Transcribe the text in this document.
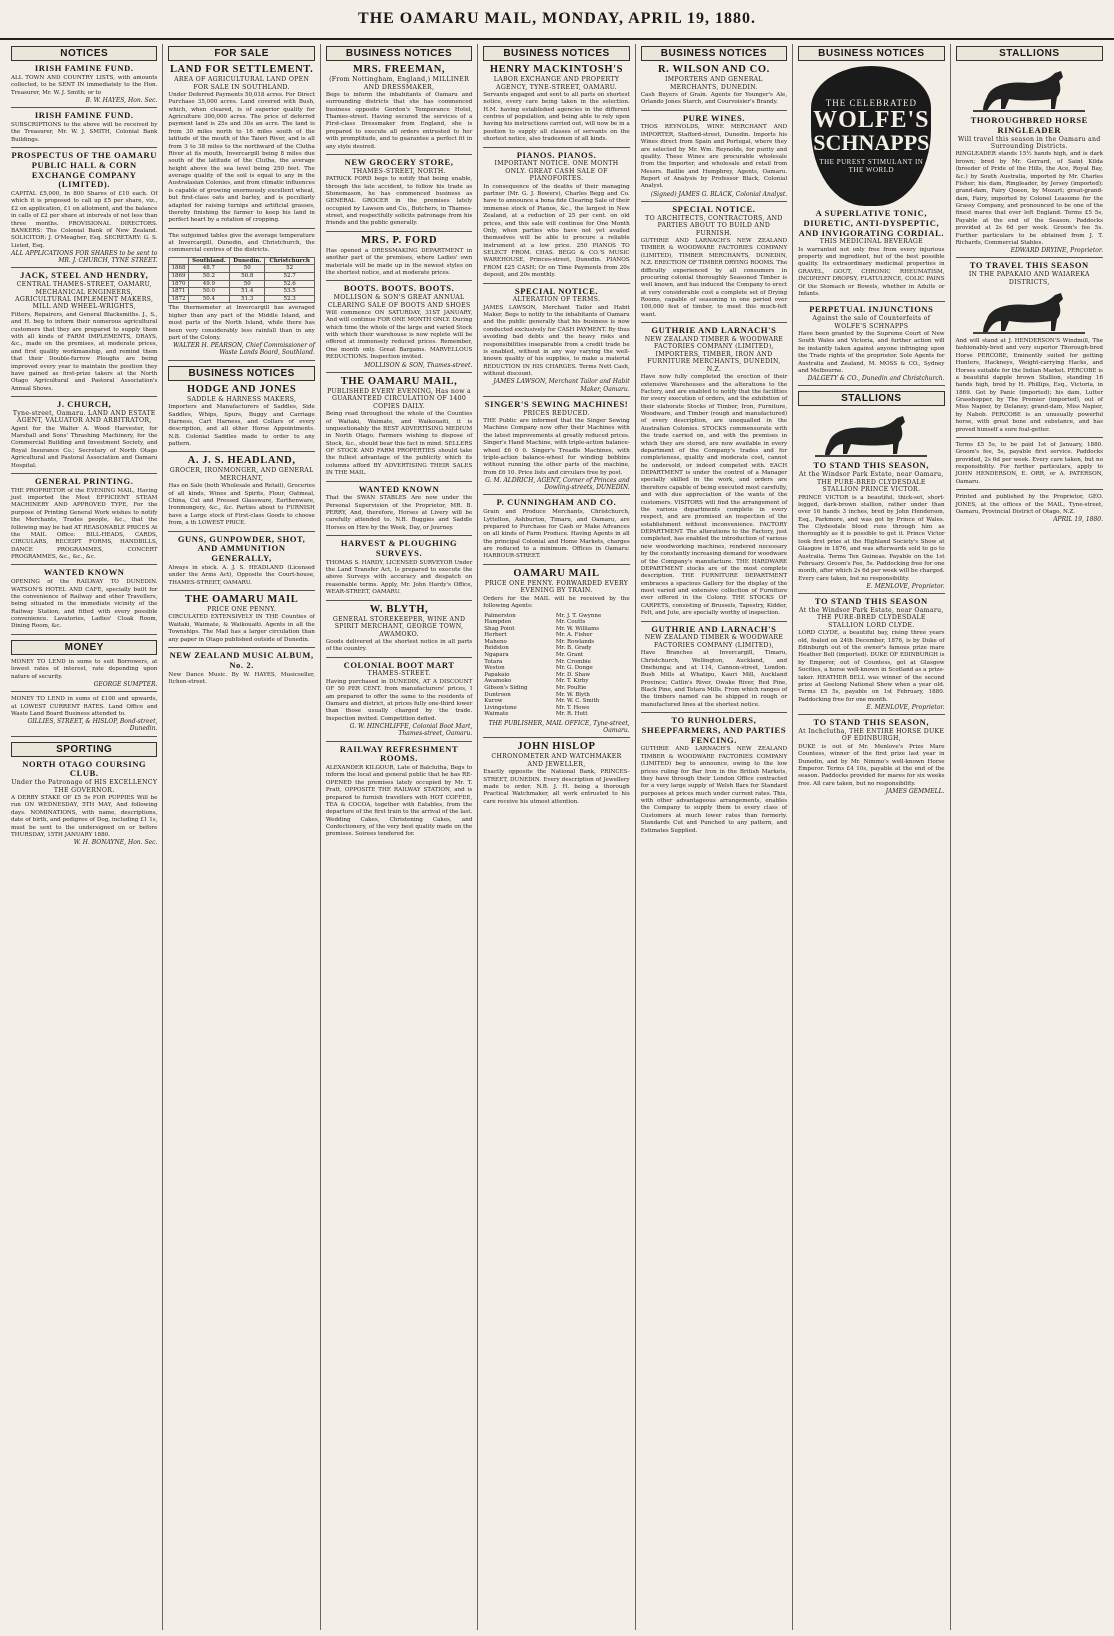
THE OAMARU MAIL, MONDAY, APRIL 19, 1880.
NOTICES
IRISH FAMINE FUND.
ALL TOWN AND COUNTRY LISTS, with amounts collected, to be SENT IN immediately to the Hon. Treasurer, Mr. W. J. Smith; or to
B. W. HAYES, Hon. Sec.
IRISH FAMINE FUND.
SUBSCRIPTIONS to the above will be received by the Treasurer, Mr. W. J. SMITH, Colonial Bank Buildings.
PROSPECTUS OF THE OAMARU PUBLIC HALL & CORN EXCHANGE COMPANY (LIMITED).
CAPITAL £5,000, In 800 Shares of £10 each. Of which it is proposed to call up £5 per share, viz., £2 on application, £1 on allotment, and the balance in calls of £2 per share at intervals of not less than three months. PROVISIONAL DIRECTORS. BANKERS: The Colonial Bank of New Zealand. SOLICITOR: J. O'Meagher, Esq. SECRETARY: G. S. Listed, Esq.
ALL APPLICATIONS FOR SHARES to be sent to MR. J. CHURCH, TYNE STREET.
JACK, STEEL AND HENDRY,
CENTRAL THAMES-STREET, OAMARU, MECHANICAL ENGINEERS, AGRICULTURAL IMPLEMENT MAKERS, MILL AND WHEEL-WRIGHTS,
Fitters, Repairers, and General Blacksmiths. J., S., and H. beg to inform their numerous agricultural customers that they are prepared to supply them with all kinds of FARM IMPLEMENTS, DRAYS, &c., made on the premises, at moderate prices, and first quality workmanship, and remind them that their Double-furrow Ploughs are being improved every year to maintain the position they have gained as first-prize takers at the North Otago Agricultural and Pastoral Association's Annual Shows.
J. CHURCH,
Tyne-street, Oamaru. LAND AND ESTATE AGENT, VALUATOR AND ARBITRATOR,
Agent for the Walter A. Wood Harvester, for Marshall and Sons' Thrashing Machinery, for the Commercial Building and Investment Society, and Royal Insurance Co.; Secretary of North Otago Agricultural and Pastoral Association and Oamaru Hospital.
GENERAL PRINTING.
THE PROPRIETOR of the EVENING MAIL, Having just imported the Most EFFICIENT STEAM MACHINERY AND APPROVED TYPE, For the purpose of Printing General Work wishes to notify the Merchants, Trades people, &c., that the following may be had AT REASONABLE PRICES At the MAIL Office: BILL-HEADS, CARDS, CIRCULARS, RECEIPT FORMS, HANDBILLS, DANCE PROGRAMMES, CONCERT PROGRAMMES, &c., &c., &c.
WANTED KNOWN
OPENING of the RAILWAY TO DUNEDIN. WATSON'S HOTEL AND CAFE, specially built for the convenience of Railway and other Travellers, being situated in the immediate vicinity of the Railway Station, and fitted with every possible convenience. Lavatories, Ladies' Cloak Room, Dining Room, &c.
MONEY
MONEY TO LEND in sums to suit Borrowers, at lowest rates of interest, rate depending upon nature of security.
GEORGE SUMPTER.
MONEY TO LEND in sums of £100 and upwards, at LOWEST CURRENT RATES. Land Office and Waste Land Board Business attended to.
GILLIES, STREET, & HISLOP, Bond-street, Dunedin.
SPORTING
NORTH OTAGO COURSING CLUB.
Under the Patronage of HIS EXCELLENCY THE GOVERNOR.
A DERBY STAKE OF £5 5s FOR PUPPIES Will be run ON WEDNESDAY, 5TH MAY, And following days. NOMINATIONS, with name, descriptions, date of birth, and pedigree of Dog, including £1 1s, must be sent to the undersigned on or before THURSDAY, 15TH JANUARY 1880.
W. H. BONAYNE, Hon. Sec.
FOR SALE
LAND FOR SETTLEMENT.
AREA OF AGRICULTURAL LAND OPEN FOR SALE IN SOUTHLAND.
Under Deferred Payments 50,018 acres. For Direct Purchase 35,000 acres. Land covered with Bush, which, when cleared, is of superior quality for Agriculture 300,000 acres. The price of deferred payment land is 25s and 30s an acre. The land is from 30 miles north to 16 miles south of the latitude of the mouth of the Taieri River, and is all from 3 to 38 miles to the northward of the Clutha River at its mouth, Invercargill being 8 miles due south of the latitude of the Clutha, the average height above the sea level being 250 feet. The average quality of the soil is equal to any in the Australasian Colonies, and from climatic influences is capable of growing enormously excellent wheat, but first-class oats and barley, and is peculiarly adapted for raising turnips and artificial grasses, thereby finishing the farmer to keep his land in perfect heart by a rotation of cropping.
The subjoined tables give the average temperature at Invercargill, Dunedin, and Christchurch, the commercial centres of the districts.
	Southland.	Dunedin.	Christchurch
1868	48.7	50	52
1869	50.2	50.8	52.7
1870	49.9	50	52.6
1871	50.0	51.4	53.5
1872	50.4	51.3	52.3
The thermometer at Invercargill has averaged higher than any part of the Middle Island, and most parts of the North Island, while there has been very considerably less rainfall than in any part of the Colony.
WALTER H. PEARSON, Chief Commissioner of Waste Lands Board, Southland.
BUSINESS NOTICES
HODGE AND JONES
SADDLE & HARNESS MAKERS,
Importers and Manufacturers of Saddles, Side Saddles, Whips, Spurs, Buggy and Carriage Harness, Cart Harness, and Collars of every description, and all other Horse Appointments. N.B. Colonial Saddles made to order to any pattern.
A. J. S. HEADLAND,
GROCER, IRONMONGER, AND GENERAL MERCHANT,
Has on Sale (both Wholesale and Retail), Groceries of all kinds, Wines and Spirits, Flour, Oatmeal, China, Cut and Pressed Glassware, Earthenware, Ironmongery, &c., &c. Parties about to FURNISH have a Large stock of First-class Goods to choose from, a th LOWEST PRICE.
GUNS, GUNPOWDER, SHOT, AND AMMUNITION GENERALLY,
Always in stock. A. J. S. HEADLAND (Licensed under the Arms Act), Opposite the Court-house, THAMES-STREET, OAMARU.
THE OAMARU MAIL
PRICE ONE PENNY.
CIRCULATED EXTENSIVELY IN THE Counties of Waitaki, Waimate, & Waikouaiti. Agents in all the Townships. The Mail has a larger circulation than any paper in Otago published outside of Dunedin.
NEW ZEALAND MUSIC ALBUM, No. 2.
New Dance Music. By W. HAYES, Musicseller, Itchen-street.
BUSINESS NOTICES
MRS. FREEMAN,
(From Nottingham, England,) MILLINER AND DRESSMAKER,
Begs to inform the inhabitants of Oamaru and surrounding districts that she has commenced business opposite Gordon's Temperance Hotel, Thames-street. Having secured the services of a First-class Dressmaker from England, she is prepared to execute all orders entrusted to her with promptitude, and to guarantee a perfect fit in any style desired.
NEW GROCERY STORE,
THAMES-STREET, NORTH.
PATRICK FORD begs to notify that being unable, through the late accident, to follow his trade as Stonemason, he has commenced business as GENERAL GROCER in the premises lately occupied by Lawson and Co., Butchers, in Thames-street, and respectfully solicits patronage from his friends and the public generally.
MRS. P. FORD
Has opened a DRESSMAKING DEPARTMENT in another part of the premises, where Ladies' own materials will be made up in the newest styles on the shortest notice, and at moderate prices.
BOOTS. BOOTS. BOOTS.
MOLLISON & SON'S GREAT ANNUAL CLEARING SALE OF BOOTS AND SHOES
Will commence ON SATURDAY, 31ST JANUARY, And will continue FOR ONE MONTH ONLY. During which time the whole of the large and varied Stock with which their warehouse is now replete will be offered at immensely reduced prices. Remember, One month only. Great Bargains. MARVELLOUS REDUCTIONS. Inspection invited.
MOLLISON & SON, Thames-street.
THE OAMARU MAIL,
PUBLISHED EVERY EVENING, Has now a GUARANTEED CIRCULATION OF 1400 COPIES DAILY.
Being read throughout the whole of the Counties of Waitaki, Waimate, and Waikouaiti, it is unquestionably the BEST ADVERTISING MEDIUM in North Otago. Farmers wishing to dispose of Stock, &c., should bear this fact in mind. SELLERS OF STOCK AND FARM PROPERTIES should take the fullest advantage of the publicity which its columns afford BY ADVERTISING THEIR SALES IN THE MAIL.
WANTED KNOWN
That the SWAN STABLES Are now under the Personal Supervision of the Proprietor, MR. B. PERRY, And, therefore, Horses at Livery will be carefully attended to. N.B. Buggies and Saddle Horses on Hire by the Week, Day, or Journey.
HARVEST & PLOUGHING SURVEYS.
THOMAS S. HARDY, LICENSED SURVEYOR Under the Land Transfer Act, Is prepared to execute the above Surveys with accuracy and despatch on reasonable terms. Apply, Mr. John Hardy's Office, WEAR-STREET, OAMARU.
W. BLYTH,
GENERAL STOREKEEPER, WINE AND SPIRIT MERCHANT, GEORGE TOWN, AWAMOKO.
Goods delivered at the shortest notice in all parts of the country.
COLONIAL BOOT MART
THAMES-STREET.
Having purchased in DUNEDIN, AT A DISCOUNT OF 50 PER CENT. from manufacturers' prices, I am prepared to offer the same to the residents of Oamaru and district, at prices fully one-third lower than those usually charged by the trade. Inspection invited. Competition defied.
G. W. HINCHLIFFE, Colonial Boot Mart, Thames-street, Oamaru.
RAILWAY REFRESHMENT ROOMS.
ALEXANDER KILGOUR, Late of Balclutha, Begs to inform the local and general public that he has RE-OPENED the premises lately occupied by Mr. T. Pratt, OPPOSITE THE RAILWAY STATION, and is prepared to furnish travellers with HOT COFFEE, TEA & COCOA, together with Eatables, from the departure of the first train to the arrival of the last. Wedding Cakes, Christening Cakes, and Confectionery, of the very best quality made on the premises. Soirees tendered for.
BUSINESS NOTICES
HENRY MACKINTOSH'S
LABOR EXCHANGE AND PROPERTY AGENCY, TYNE-STREET, OAMARU.
Servants engaged and sent to all parts on shortest notice, every care being taken in the selection. H.M. having established agencies in the different centres of population, and being able to rely upon having his instructions carried out, will now be in a position to supply all classes of servants on the shortest notice, also tradesmen of all kinds.
PIANOS. PIANOS.
IMPORTANT NOTICE. ONE MONTH ONLY. GREAT CASH SALE OF PIANOFORTES.
In consequence of the deaths of their managing partner (Mr. G. J. Bowers), Charles Begg and Co. have to announce a bona fide Clearing Sale of their immense stock of Pianos, &c., the largest in New Zealand, at a reduction of 25 per cent. on old prices, and this sale will continue for One Month Only, when parties who have not yet availed themselves will be able to procure a reliable instrument at a low price. 250 PIANOS TO SELECT FROM. CHAS. BEGG & CO.'S MUSIC WAREHOUSE, Princes-street, Dunedin. PIANOS FROM £25 CASH; Or on Time Payments from 20s deposit, and 20s monthly.
SPECIAL NOTICE.
ALTERATION OF TERMS.
JAMES LAWSON, Merchant Tailor and Habit Maker, Begs to notify to the inhabitants of Oamaru and the public generally that his business is now conducted exclusively for CASH PAYMENT. By thus avoiding bad debts and the heavy risks and responsibilities inseparable from a credit trade he is enabled, without in any way varying the well-known quality of his supplies, to make a material REDUCTION IN HIS CHARGES. Terms Nett Cash, without discount.
JAMES LAWSON, Merchant Tailor and Habit Maker, Oamaru.
SINGER'S SEWING MACHINES!
PRICES REDUCED.
THE Public are informed that the Singer Sewing Machine Company now offer their Machines with the latest improvements at greatly reduced prices. Singer's Hand Machine, with triple-action balance-wheel £6 0 0. Singer's Treadle Machines, with triple-action balance-wheel for winding bobbins without running the other parts of the machine, from £6 10. Price lists and circulars free by post.
G. M. ALDRICH, AGENT, Corner of Princes and Dowling-streets, DUNEDIN.
P. CUNNINGHAM AND CO.
Grain and Produce Merchants, Christchurch, Lyttelton, Ashburton, Timaru, and Oamaru, are prepared to Purchase for Cash or Make Advances on all kinds of Farm Produce. Having Agents in all the principal Colonial and Home Markets, charges are reduced to a minimum. Offices in Oamaru: HARBOUR-STREET.
OAMARU MAIL
PRICE ONE PENNY. FORWARDED EVERY EVENING BY TRAIN.
Orders for the MAIL will be received by the following Agents:
Palmerston	Mr. J. T. Gwynne
Hampden	Mr. Coutts
Shag Point	Mr. W. Williams
Herbert	Mr. A. Fisher
Maheno	Mr. Rowlands
Reidston	Mr. B. Grady
Ngapara	Mr. Grant
Totara	Mr. Crombie
Weston	Mr. G. Donge
Papakaio	Mr. D. Shaw
Awamoko	Mr. T. Kirby
Gibson's Siding	Mr. Poultie
Duntroon	Mr. W. Blyth
Kurow	Mr. W. C. Smith
Livingstone	Mr. T. Howe
Waimate	Mr. R. Hutt
THE PUBLISHER, MAIL OFFICE, Tyne-street, Oamaru.
JOHN HISLOP
CHRONOMETER AND WATCHMAKER AND JEWELLER,
Exactly opposite the National Bank, PRINCES-STREET, DUNEDIN. Every description of Jewellery made to order. N.B. J. H. being a thorough Practical Watchmaker, all work entrusted to his care receive his utmost attention.
BUSINESS NOTICES
R. WILSON AND CO.
IMPORTERS AND GENERAL MERCHANTS, DUNEDIN.
Cash Buyers of Grain. Agents for Younger's Ale, Orlando Jones Starch, and Courvoisier's Brandy.
PURE WINES.
THOS REYNOLDS, WINE MERCHANT AND IMPORTER, Stafford-street, Dunedin. Imports his Wines direct from Spain and Portugal, where they are selected by Mr. Wm. Reynolds, for purity and quality. These Wines are procurable wholesale from the Importer, and wholesale and retail from Messrs. Baillie and Humphrey, Agents, Oamaru. Report of Analysis by Professor Black, Colonial Analyst.
(Signed) JAMES G. BLACK, Colonial Analyst.
SPECIAL NOTICE.
TO ARCHITECTS, CONTRACTORS, AND PARTIES ABOUT TO BUILD AND FURNISH.
GUTHRIE AND LARNACH'S NEW ZEALAND TIMBER & WOODWARE FACTORIES COMPANY (LIMITED), TIMBER MERCHANTS, DUNEDIN, N.Z. ERECTION OF TIMBER DRYING ROOMS. The difficulty experienced by all consumers in procuring colonial thoroughly Seasoned Timber is well known, and has induced the Company to erect at very considerable cost a complete set of Drying Rooms, capable of seasoning in one period over 100,000 feet of timber, to meet this much-felt want.
GUTHRIE AND LARNACH'S
NEW ZEALAND TIMBER & WOODWARE FACTORIES COMPANY (LIMITED), IMPORTERS, TIMBER, IRON AND FURNITURE MERCHANTS, DUNEDIN, N.Z.
Have now fully completed the erection of their extensive Warehouses and the alterations to the Factory, and are enabled to notify that the facilities for every execution of orders, and the exhibition of their elaborate Stocks of Timber, Iron, Furniture, Woodware, and Timber (rough and manufactured) of every description, are unequalled in the Australian Colonies. STOCKS commensurate with the trade carried on, and with the premises in which they are stored, are now available in every department of the Company's trades and for completeness, quality and moderate cost, cannot be undersold, or indeed competed with. EACH DEPARTMENT is under the control of a Manager specially skilled in the work, and orders are therefore capable of being executed most carefully, and with due appreciation of the wants of the customers. VISITORS will find the arrangement of the various departments complete in every respect, and are promised an inspection of the establishment without inconvenience. FACTORY DEPARTMENT. The alterations to the Factory, just completed, has enabled the introduction of various new woodworking machines, rendered necessary by the constantly increasing demand for woodware of the Company's manufacture. THE HARDWARE DEPARTMENT stocks are of the most complete description. THE FURNITURE DEPARTMENT embraces a spacious Gallery for the display of the most varied and extensive collection of Furniture ever offered in the Colony. THE STOCKS OF CARPETS, consisting of Brussels, Tapestry, Kidder, Felt, and Jute, are specially worthy of inspection.
GUTHRIE AND LARNACH'S
NEW ZEALAND TIMBER & WOODWARE FACTORIES COMPANY (LIMITED),
Have Branches at Invercargill, Timaru, Christchurch, Wellington, Auckland, and Onehunga; and at 114, Cannon-street, London. Bush Mills at Whatipu, Kauri Mill, Auckland Province; Catlin's River, Owake River, Red Pine, Black Pine, and Totara Mills. From which ranges of the timbers named can be shipped in rough or manufactured lines at the shortest notice.
TO RUNHOLDERS, SHEEPFARMERS, AND PARTIES FENCING.
GUTHRIE AND LARNACH'S NEW ZEALAND TIMBER & WOODWARE FACTORIES COMPANY (LIMITED) beg to announce, owing to the low prices ruling for Bar Iron in the British Markets, they have through their London Office contracted for a very large supply of Welsh Bars for Standard purposes at prices much under current rates. This, with other advantageous arrangements, enables the Company to supply them to every class of Customers at much lower rates than formerly. Standards Cut and Punched to any pattern, and Estimates Supplied.
BUSINESS NOTICES
THE CELEBRATED
WOLFE'S
SCHNAPPS
THE PUREST STIMULANT IN THE WORLD
A SUPERLATIVE TONIC, DIURETIC, ANTI-DYSPEPTIC, AND INVIGORATING CORDIAL.
THIS MEDICINAL BEVERAGE
Is warranted not only free from every injurious property and ingredient, but of the best possible quality. Its extraordinary medicinal properties in GRAVEL, GOUT, CHRONIC RHEUMATISM, INCIPIENT DROPSY, FLATULENCE, COLIC PAINS Of the Stomach or Bowels, whether in Adults or Infants.
PERPETUAL INJUNCTIONS
Against the sale of Counterfeits of WOLFE'S SCHNAPPS
Have been granted by the Supreme Court of New South Wales and Victoria, and further action will be instantly taken against anyone infringing upon the Trade rights of the proprietor. Sole Agents for Australia and Zealand, M. MOSS & CO., Sydney and Melbourne.
DALGETY & CO., Dunedin and Christchurch.
STALLIONS
TO STAND THIS SEASON,
At the Windsor Park Estate, near Oamaru, THE PURE-BRED CLYDESDALE STALLION PRINCE VICTOR.
PRINCE VICTOR is a beautiful, thick-set, short-legged, dark-brown stallion, rather under than over 16 hands 3 inches, bred by John Henderson, Esq., Parkmore, and was got by Prince of Wales. The Clydesdale blood runs through him as thoroughly as it is possible to get it. Prince Victor took first prize at the Highland Society's Show at Glasgow in 1876, and was afterwards sold to go to Australia. Terms Ten Guineas. Payable on the 1st February. Groom's Fee, 5s. Paddocking free for one month, after which 2s 6d per week will be charged. Every care taken, but no responsibility.
E. MENLOVE, Proprietor.
TO STAND THIS SEASON
At the Windsor Park Estate, near Oamaru, THE PURE-BRED CLYDESDALE STALLION LORD CLYDE.
LORD CLYDE, a beautiful bay, rising three years old, foaled on 24th December, 1876, is by Duke of Edinburgh out of the owner's famous prize mare Heather Bell (imported). DUKE OF EDINBURGH is by Emperor, out of Countess, got at Glasgow Socities, a horse well-known in Scotland as a prize-taker. HEATHER BELL was winner of the second prize at Geelong National Show when a year old. Terms £5 5s, payable on 1st February, 1880. Paddocking free for one month.
E. MENLOVE, Proprietor.
TO STAND THIS SEASON,
At Inchclutha, THE ENTIRE HORSE DUKE OF EDINBURGH,
DUKE is out of Mr. Menlove's Prize Mare Countess, winner of the first prize last year in Dunedin, and by Mr. Nimmo's well-known Horse Emperor. Terms £4 10s, payable at the end of the season. Paddocks provided for mares for six weeks free. All care taken, but no responsibility.
JAMES GEMMELL.
STALLIONS
THOROUGHBRED HORSE RINGLEADER
Will travel this season in the Oamaru and Surrounding Districts.
RINGLEADER stands 15½ hands high, and is dark brown; bred by Mr. Gerrard, of Saint Kilda (breeder of Pride of the Hills, the Ace, Royal Bay, &c.) by South Australia, imported by Mr. Charles Fisher; his dam, Ringleader, by Jersey (imported); grand-dam, Fairy Queen, by Mozart; great-grand-dam, Fairy, imported by Colonel Leasome for the Grassy Company, and pronounced to be one of the finest mares that ever left England. Terms £5 5s, Payable at the end of the Season. Paddocks provided at 2s 6d per week. Groom's fee 5s. Further particulars to be obtained from J. T. Richards, Commercial Stables.
EDWARD DRYINE, Proprietor.
TO TRAVEL THIS SEASON
IN THE PAPAKAIO AND WAIAREKA DISTRICTS,
And will stand at J. HENDERSON'S Windmill, The fashionably-bred and very superior Thorough-bred Horse PERCOBE, Eminently suited for getting Hunters, Hackneys, Weight-carrying Hacks, and Horses suitable for the Indian Market. PERCOBE is a beautiful dapple brown Stallion, standing 16 hands high, bred by H. Phillips, Esq., Victoria, in 1869. Got by Panic (imported); his dam, Lutter Grasshopper, by The Premier (imported), out of Miss Napier, by Delaney; grand-dam, Miss Napier, by Nabob. PERCOBE is an unusually powerful horse, with great bone and substance, and has proved himself a sure foal-getter.
Terms £5 5s, to be paid 1st of January, 1880. Groom's fee, 5s, payable first service. Paddocks provided, 2s 6d per week. Every care taken, but no responsibility. For further particulars, apply to JOHN HENDERSON, E. ORR, or A. PATERSON, Oamaru.
Printed and published by the Proprietor, GEO. JONES, at the offices of the MAIL, Tyne-street, Oamaru, Provincial District of Otago, N.Z.
APRIL 19, 1880.
